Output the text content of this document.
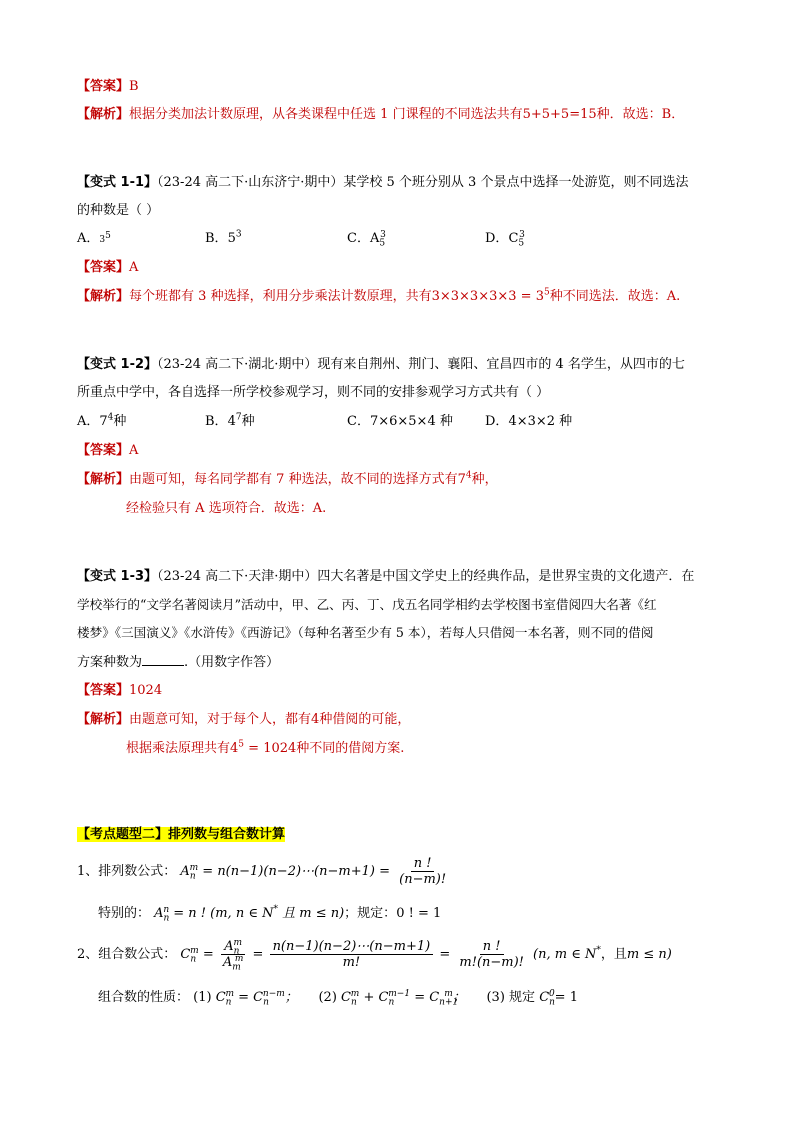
【答案】B
【解析】根据分类加法计数原理，从各类课程中任选 1 门课程的不同选法共有5+5+5=15种．故选：B．
【变式 1-1】（23-24 高二下·山东济宁·期中）某学校 5 个班分别从 3 个景点中选择一处游览，则不同选法
的种数是（ ）
A．$3^5$	B．$5^3$	C．$A_5^3$	D．$C_5^3$
【答案】A
【解析】每个班都有 3 种选择，利用分步乘法计数原理，共有$3\times 3\times 3\times 3\times 3 = 3^5$种不同选法．故选：A.
【变式 1-2】（23-24 高二下·湖北·期中）现有来自荆州、荆门、襄阳、宜昌四市的 4 名学生，从四市的七
所重点中学中，各自选择一所学校参观学习，则不同的安排参观学习方式共有（ ）
A．$7^4$种	B．$4^7$种	C．7×6×5×4 种 D．4×3×2 种
【答案】A
【解析】由题可知，每名同学都有 7 种选法，故不同的选择方式有$7^4$种，
经检验只有 A 选项符合．故选：A.
【变式 1-3】（23-24 高二下·天津·期中）四大名著是中国文学史上的经典作品，是世界宝贵的文化遗产．在
学校举行的“文学名著阅读月”活动中，甲、乙、丙、丁、戊五名同学相约去学校图书室借阅四大名著《红
楼梦》《三国演义》《水浒传》《西游记》（每种名著至少有 5 本），若每人只借阅一本名著，则不同的借阅
方案种数为	.（用数字作答）
【答案】1024
【解析】由题意可知，对于每个人，都有4种借阅的可能，
根据乘法原理共有$4^5 = 1024$种不同的借阅方案.
【考点题型二】排列数与组合数计算
1、排列数公式： $A_n^m$ = n(n−1)(n−2)⋯(n−m+1) = $\frac{n !}{(n-m)!}$
特别的： $A_n^n = n$ ! (m, n ∈ N* 且 m ≤ n)；规定：0 ! = 1
2、组合数公式： $C_n^m = \frac{A_n^m}{A_m^m} = \frac{n(n-1)(n-2)\cdots(n-m+1)}{m!} = \frac{n !}{m!(n-m)!} (n$, m ∈ N*，且m ≤ n)
组合数的性质： (1) $C_n^m = C_n^{n-m}$； (2) $C_n^m + C_n^{m-1} = C_{n+1}^m$； (3) 规定 $C_n^0= 1$
